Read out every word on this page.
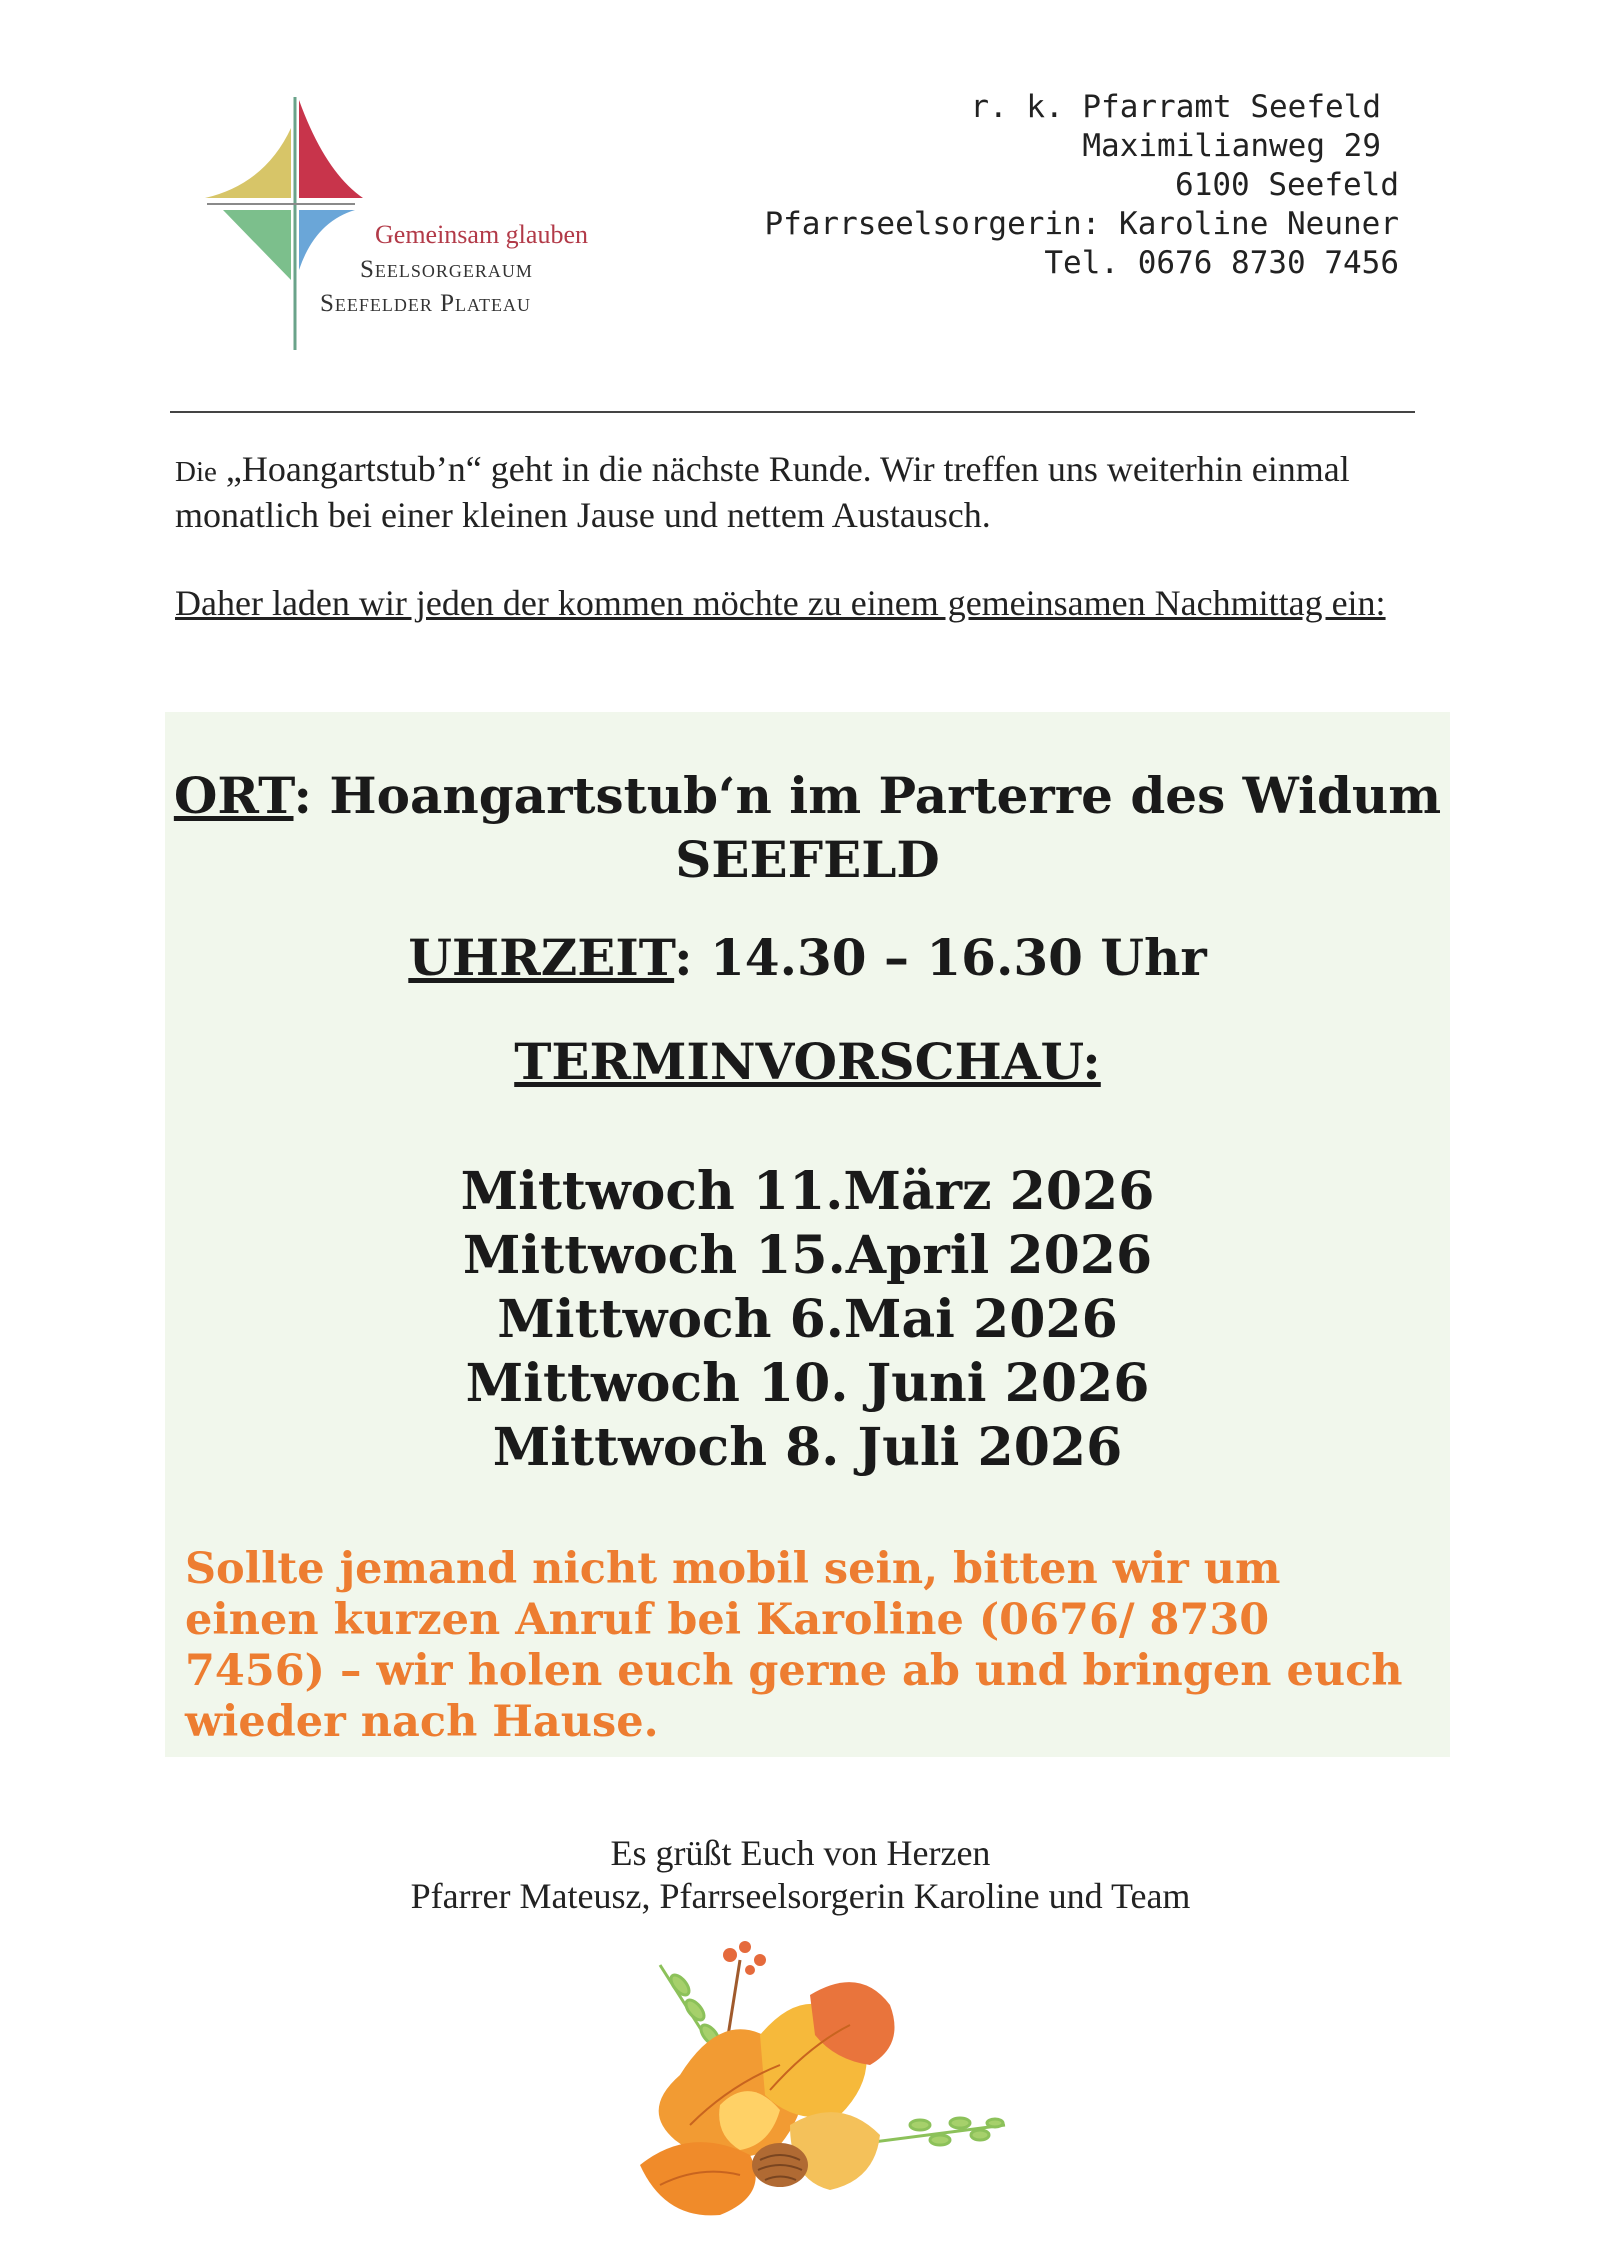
Gemeinsam glauben
Seelsorgeraum
Seefelder Plateau
r. k. Pfarramt Seefeld
Maximilianweg 29
6100 Seefeld
Pfarrseelsorgerin: Karoline Neuner
Tel. 0676 8730 7456
Die „Hoangartstub’n“ geht in die nächste Runde. Wir treffen uns weiterhin einmal monatlich bei einer kleinen Jause und nettem Austausch.
Daher laden wir jeden der kommen möchte zu einem gemeinsamen Nachmittag ein:
ORT: Hoangartstub‘n im Parterre des Widum SEEFELD
UHRZEIT: 14.30 – 16.30 Uhr
TERMINVORSCHAU:
Mittwoch 11.März 2026
Mittwoch 15.April 2026
Mittwoch 6.Mai 2026
Mittwoch 10. Juni 2026
Mittwoch 8. Juli 2026
Sollte jemand nicht mobil sein, bitten wir um einen kurzen Anruf bei Karoline (0676/ 8730 7456) – wir holen euch gerne ab und bringen euch wieder nach Hause.
Es grüßt Euch von Herzen
Pfarrer Mateusz, Pfarrseelsorgerin Karoline und Team
